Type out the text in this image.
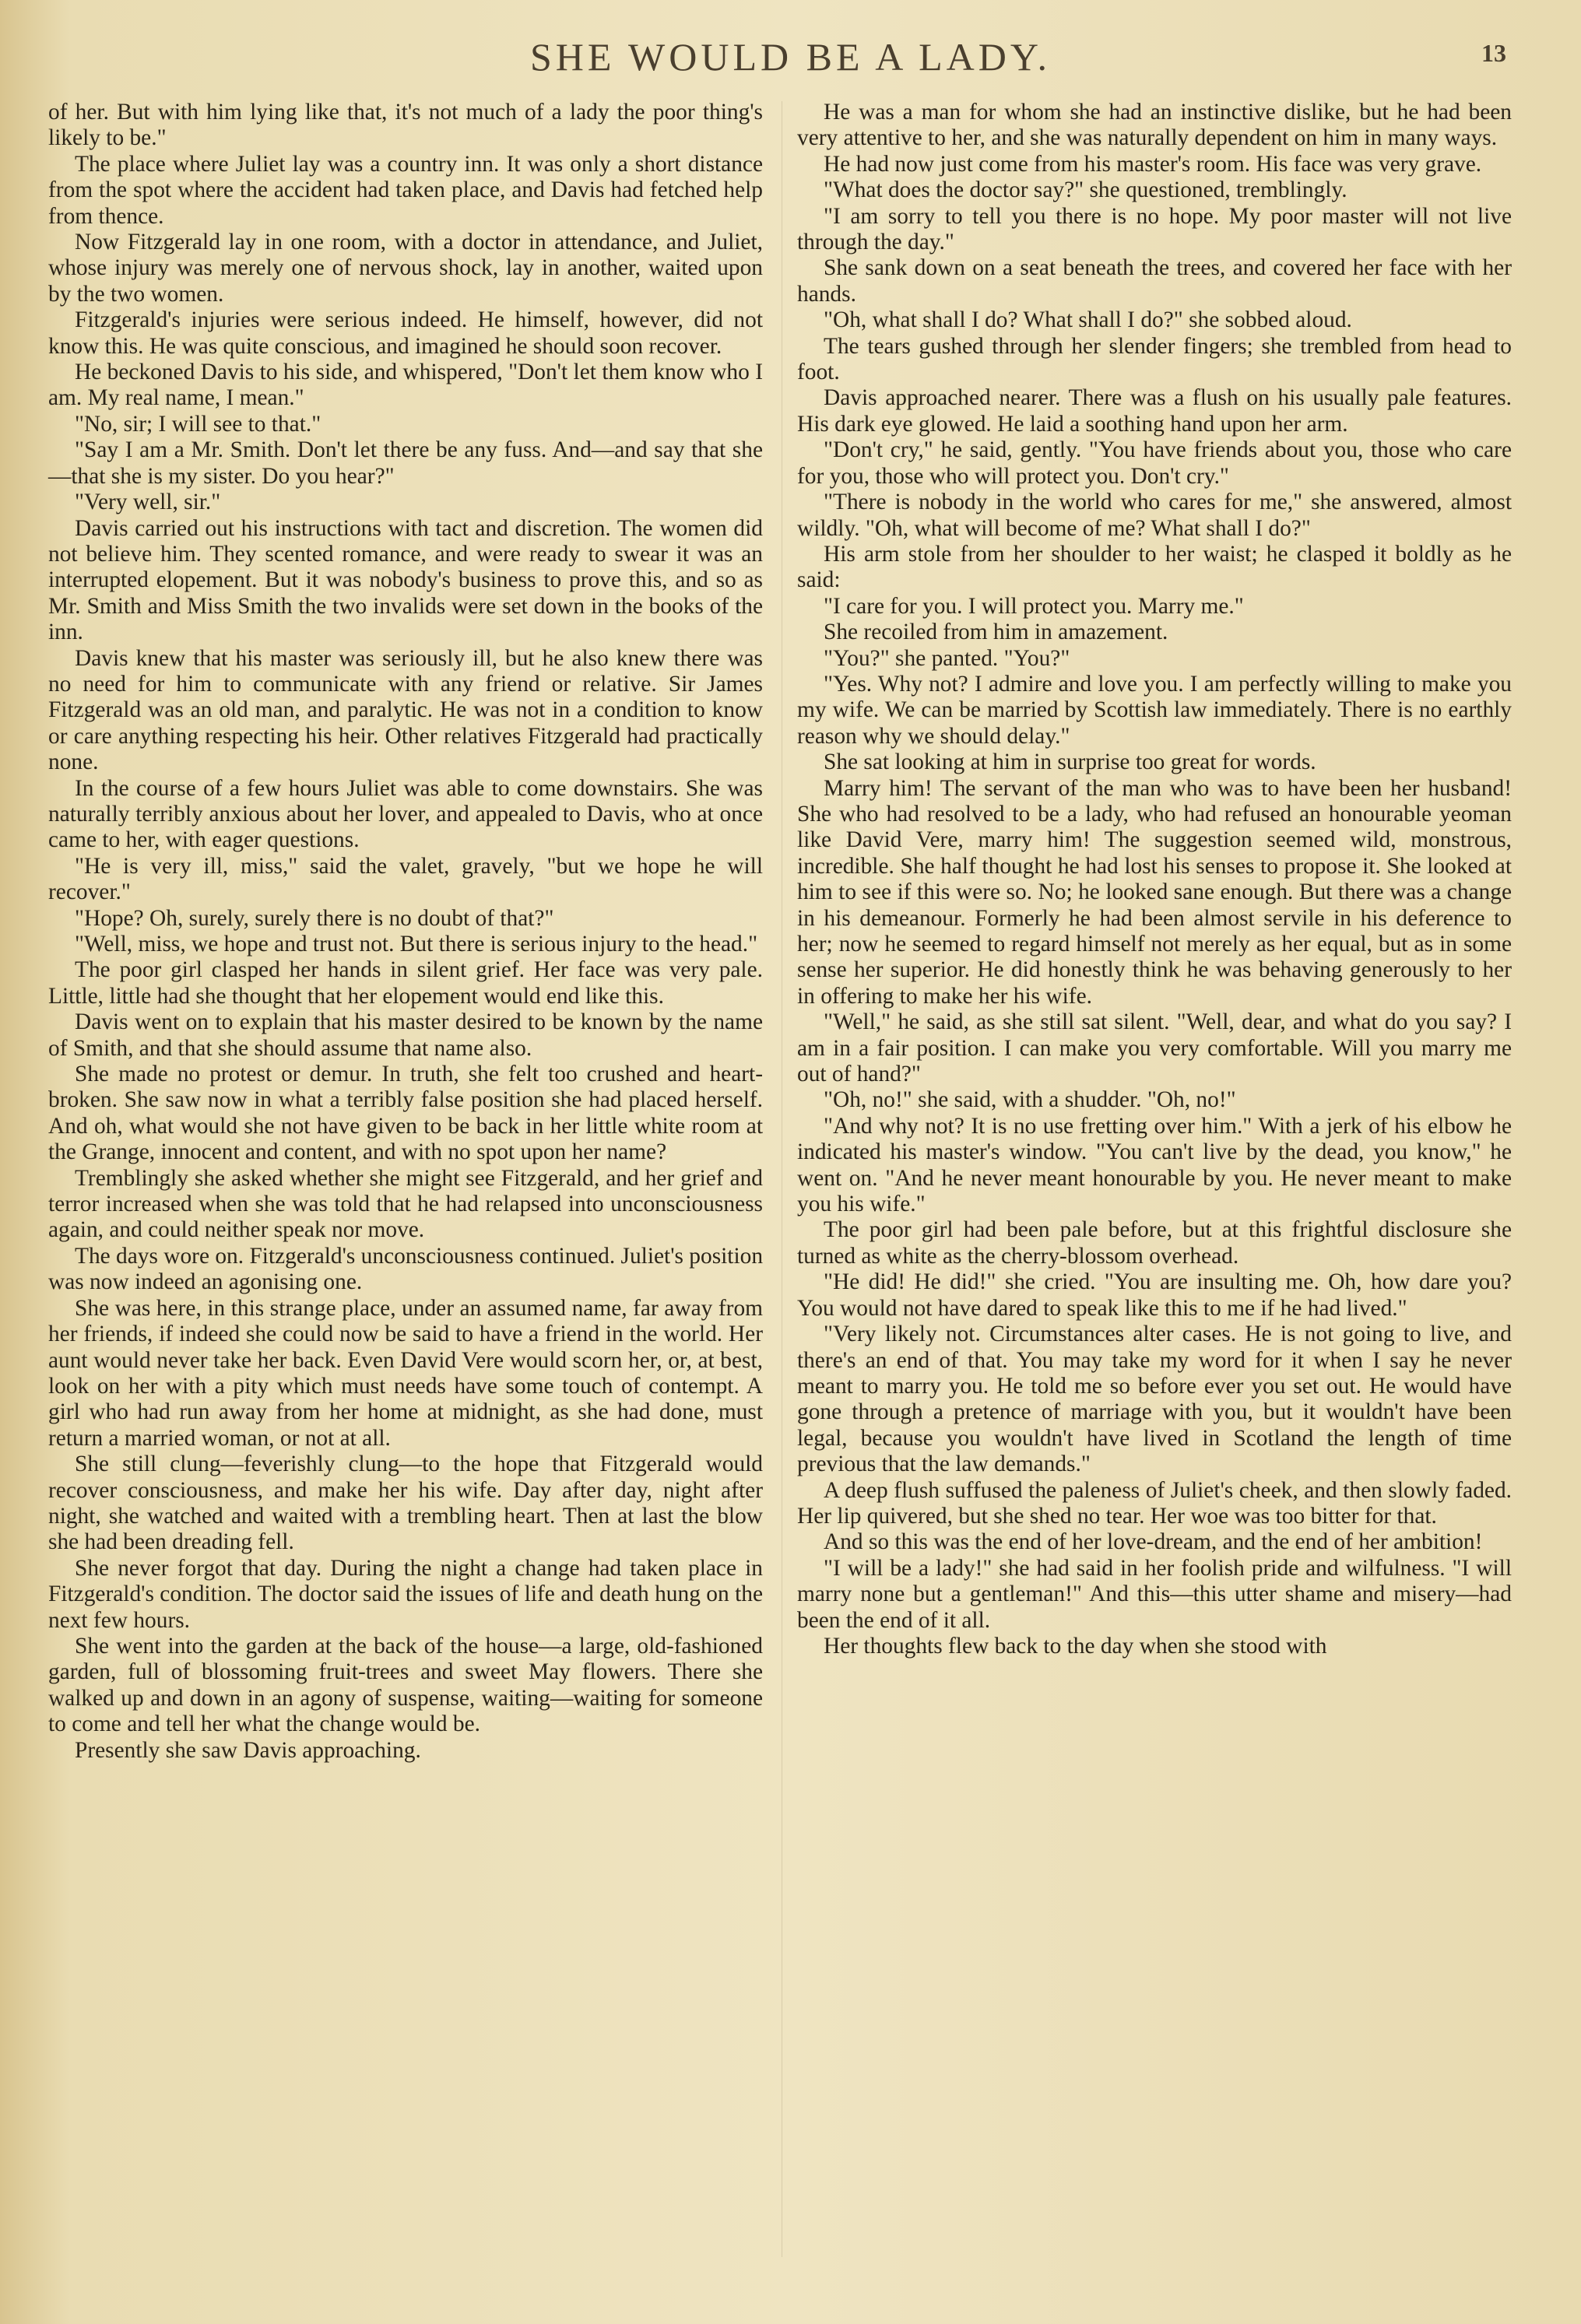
SHE WOULD BE A LADY.	13

of her. But with him lying like that, it's not much of a lady the poor thing's likely to be."

The place where Juliet lay was a country inn. It was only a short distance from the spot where the accident had taken place, and Davis had fetched help from thence.

Now Fitzgerald lay in one room, with a doctor in attendance, and Juliet, whose injury was merely one of nervous shock, lay in another, waited upon by the two women.

Fitzgerald's injuries were serious indeed. He himself, however, did not know this. He was quite conscious, and imagined he should soon recover.

He beckoned Davis to his side, and whispered, "Don't let them know who I am. My real name, I mean."

"No, sir; I will see to that."

"Say I am a Mr. Smith. Don't let there be any fuss. And—and say that she—that she is my sister. Do you hear?"

"Very well, sir."

Davis carried out his instructions with tact and discretion. The women did not believe him. They scented romance, and were ready to swear it was an interrupted elopement. But it was nobody's business to prove this, and so as Mr. Smith and Miss Smith the two invalids were set down in the books of the inn.

Davis knew that his master was seriously ill, but he also knew there was no need for him to communicate with any friend or relative. Sir James Fitzgerald was an old man, and paralytic. He was not in a condition to know or care anything respecting his heir. Other relatives Fitzgerald had practically none.

In the course of a few hours Juliet was able to come downstairs. She was naturally terribly anxious about her lover, and appealed to Davis, who at once came to her, with eager questions.

"He is very ill, miss," said the valet, gravely, "but we hope he will recover."

"Hope? Oh, surely, surely there is no doubt of that?"

"Well, miss, we hope and trust not. But there is serious injury to the head."

The poor girl clasped her hands in silent grief. Her face was very pale. Little, little had she thought that her elopement would end like this.

Davis went on to explain that his master desired to be known by the name of Smith, and that she should assume that name also.

She made no protest or demur. In truth, she felt too crushed and heart-broken. She saw now in what a terribly false position she had placed herself. And oh, what would she not have given to be back in her little white room at the Grange, innocent and content, and with no spot upon her name?

Tremblingly she asked whether she might see Fitzgerald, and her grief and terror increased when she was told that he had relapsed into unconsciousness again, and could neither speak nor move.

The days wore on. Fitzgerald's unconsciousness continued. Juliet's position was now indeed an agonising one.

She was here, in this strange place, under an assumed name, far away from her friends, if indeed she could now be said to have a friend in the world. Her aunt would never take her back. Even David Vere would scorn her, or, at best, look on her with a pity which must needs have some touch of contempt. A girl who had run away from her home at midnight, as she had done, must return a married woman, or not at all.

She still clung—feverishly clung—to the hope that Fitzgerald would recover consciousness, and make her his wife. Day after day, night after night, she watched and waited with a trembling heart. Then at last the blow she had been dreading fell.

She never forgot that day. During the night a change had taken place in Fitzgerald's condition. The doctor said the issues of life and death hung on the next few hours.

She went into the garden at the back of the house—a large, old-fashioned garden, full of blossoming fruit-trees and sweet May flowers. There she walked up and down in an agony of suspense, waiting—waiting for someone to come and tell her what the change would be.

Presently she saw Davis approaching.

He was a man for whom she had an instinctive dislike, but he had been very attentive to her, and she was naturally dependent on him in many ways.

He had now just come from his master's room. His face was very grave.

"What does the doctor say?" she questioned, tremblingly.

"I am sorry to tell you there is no hope. My poor master will not live through the day."

She sank down on a seat beneath the trees, and covered her face with her hands.

"Oh, what shall I do? What shall I do?" she sobbed aloud.

The tears gushed through her slender fingers; she trembled from head to foot.

Davis approached nearer. There was a flush on his usually pale features. His dark eye glowed. He laid a soothing hand upon her arm.

"Don't cry," he said, gently. "You have friends about you, those who care for you, those who will protect you. Don't cry."

"There is nobody in the world who cares for me," she answered, almost wildly. "Oh, what will become of me? What shall I do?"

His arm stole from her shoulder to her waist; he clasped it boldly as he said:

"I care for you. I will protect you. Marry me."

She recoiled from him in amazement.

"You?" she panted. "You?"

"Yes. Why not? I admire and love you. I am perfectly willing to make you my wife. We can be married by Scottish law immediately. There is no earthly reason why we should delay."

She sat looking at him in surprise too great for words.

Marry him! The servant of the man who was to have been her husband! She who had resolved to be a lady, who had refused an honourable yeoman like David Vere, marry him! The suggestion seemed wild, monstrous, incredible. She half thought he had lost his senses to propose it. She looked at him to see if this were so. No; he looked sane enough. But there was a change in his demeanour. Formerly he had been almost servile in his deference to her; now he seemed to regard himself not merely as her equal, but as in some sense her superior. He did honestly think he was behaving generously to her in offering to make her his wife.

"Well," he said, as she still sat silent. "Well, dear, and what do you say? I am in a fair position. I can make you very comfortable. Will you marry me out of hand?"

"Oh, no!" she said, with a shudder. "Oh, no!"

"And why not? It is no use fretting over him." With a jerk of his elbow he indicated his master's window. "You can't live by the dead, you know," he went on. "And he never meant honourable by you. He never meant to make you his wife."

The poor girl had been pale before, but at this frightful disclosure she turned as white as the cherry-blossom overhead.

"He did! He did!" she cried. "You are insulting me. Oh, how dare you? You would not have dared to speak like this to me if he had lived."

"Very likely not. Circumstances alter cases. He is not going to live, and there's an end of that. You may take my word for it when I say he never meant to marry you. He told me so before ever you set out. He would have gone through a pretence of marriage with you, but it wouldn't have been legal, because you wouldn't have lived in Scotland the length of time previous that the law demands."

A deep flush suffused the paleness of Juliet's cheek, and then slowly faded. Her lip quivered, but she shed no tear. Her woe was too bitter for that.

And so this was the end of her love-dream, and the end of her ambition!

"I will be a lady!" she had said in her foolish pride and wilfulness. "I will marry none but a gentleman!" And this—this utter shame and misery—had been the end of it all.

Her thoughts flew back to the day when she stood with
